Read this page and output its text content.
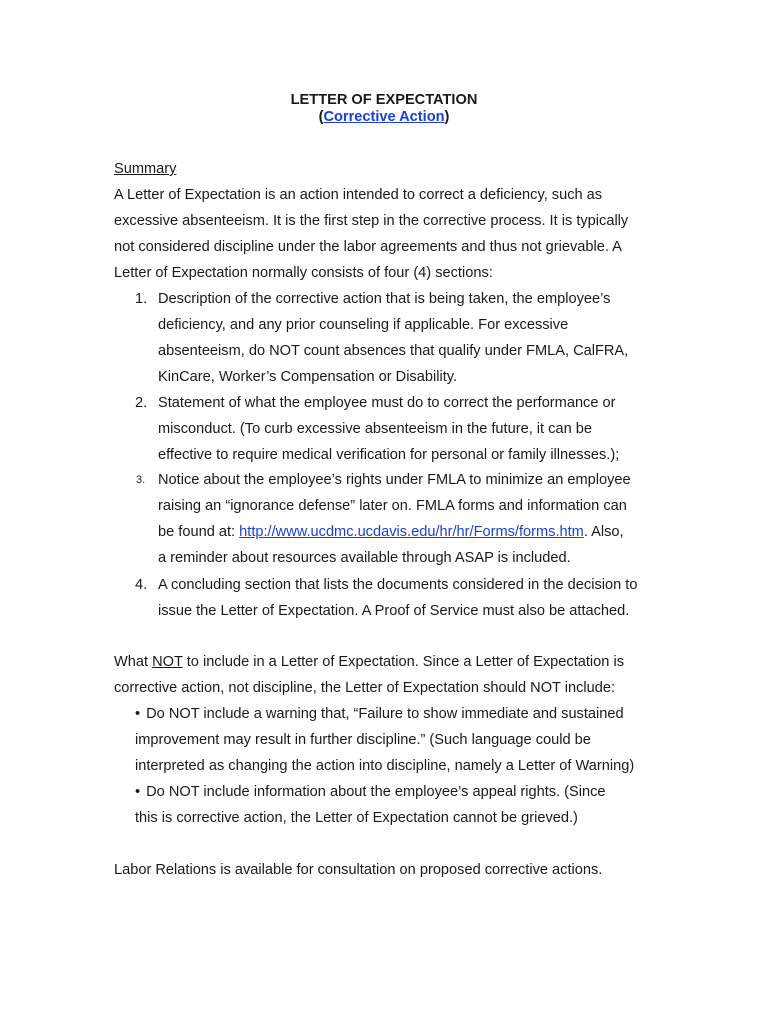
LETTER OF EXPECTATION
(Corrective Action)
Summary
A Letter of Expectation is an action intended to correct a deficiency, such as
excessive absenteeism. It is the first step in the corrective process. It is typically
not considered discipline under the labor agreements and thus not grievable. A
Letter of Expectation normally consists of four (4) sections:
1. Description of the corrective action that is being taken, the employee’s
deficiency, and any prior counseling if applicable. For excessive
absenteeism, do NOT count absences that qualify under FMLA, CalFRA,
KinCare, Worker’s Compensation or Disability.
2. Statement of what the employee must do to correct the performance or
misconduct. (To curb excessive absenteeism in the future, it can be
effective to require medical verification for personal or family illnesses.);
3. Notice about the employee’s rights under FMLA to minimize an employee
raising an “ignorance defense” later on. FMLA forms and information can
be found at: http://www.ucdmc.ucdavis.edu/hr/hr/Forms/forms.htm. Also,
a reminder about resources available through ASAP is included.
4. A concluding section that lists the documents considered in the decision to
issue the Letter of Expectation. A Proof of Service must also be attached.
What NOT to include in a Letter of Expectation. Since a Letter of Expectation is
corrective action, not discipline, the Letter of Expectation should NOT include:
• Do NOT include a warning that, “Failure to show immediate and sustained
improvement may result in further discipline.” (Such language could be
interpreted as changing the action into discipline, namely a Letter of Warning)
• Do NOT include information about the employee’s appeal rights. (Since
this is corrective action, the Letter of Expectation cannot be grieved.)
Labor Relations is available for consultation on proposed corrective actions.
